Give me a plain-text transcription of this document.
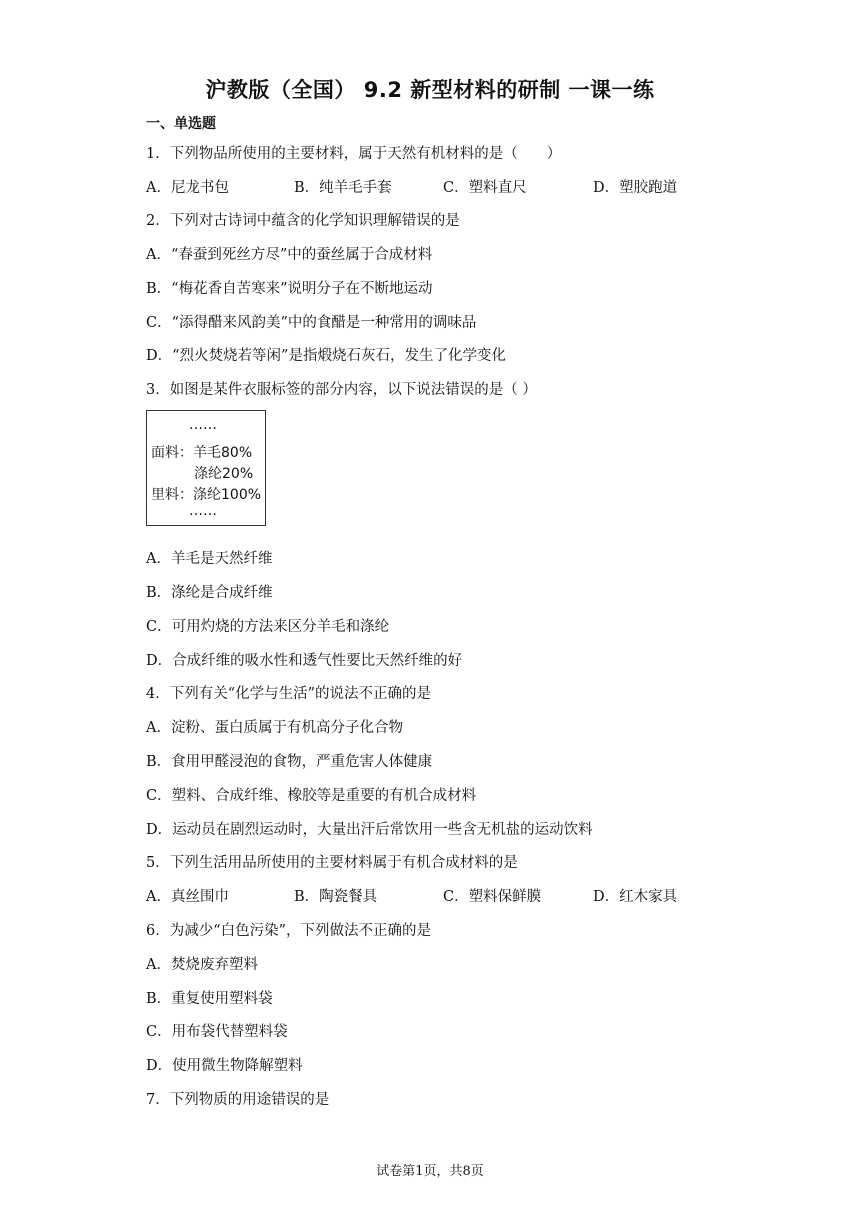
沪教版（全国） 9.2 新型材料的研制 一课一练
一、单选题
1．下列物品所使用的主要材料，属于天然有机材料的是（　　）
A．尼龙书包	B．纯羊毛手套	C．塑料直尺	D．塑胶跑道
2．下列对古诗词中蕴含的化学知识理解错误的是
A．“春蚕到死丝方尽”中的蚕丝属于合成材料
B．“梅花香自苦寒来”说明分子在不断地运动
C．“添得醋来风韵美”中的食醋是一种常用的调味品
D．“烈火焚烧若等闲”是指煅烧石灰石，发生了化学变化
3．如图是某件衣服标签的部分内容，以下说法错误的是（ ）
……
面料：羊毛80%
涤纶20%
里料：涤纶100%
……
A．羊毛是天然纤维
B．涤纶是合成纤维
C．可用灼烧的方法来区分羊毛和涤纶
D．合成纤维的吸水性和透气性要比天然纤维的好
4．下列有关“化学与生活”的说法不正确的是
A．淀粉、蛋白质属于有机高分子化合物
B．食用甲醛浸泡的食物，严重危害人体健康
C．塑料、合成纤维、橡胶等是重要的有机合成材料
D．运动员在剧烈运动时，大量出汗后常饮用一些含无机盐的运动饮料
5．下列生活用品所使用的主要材料属于有机合成材料的是
A．真丝围巾	B．陶瓷餐具	C．塑料保鲜膜	D．红木家具
6．为减少“白色污染”，下列做法不正确的是
A．焚烧废弃塑料
B．重复使用塑料袋
C．用布袋代替塑料袋
D．使用微生物降解塑料
7．下列物质的用途错误的是
试卷第1页，共8页
